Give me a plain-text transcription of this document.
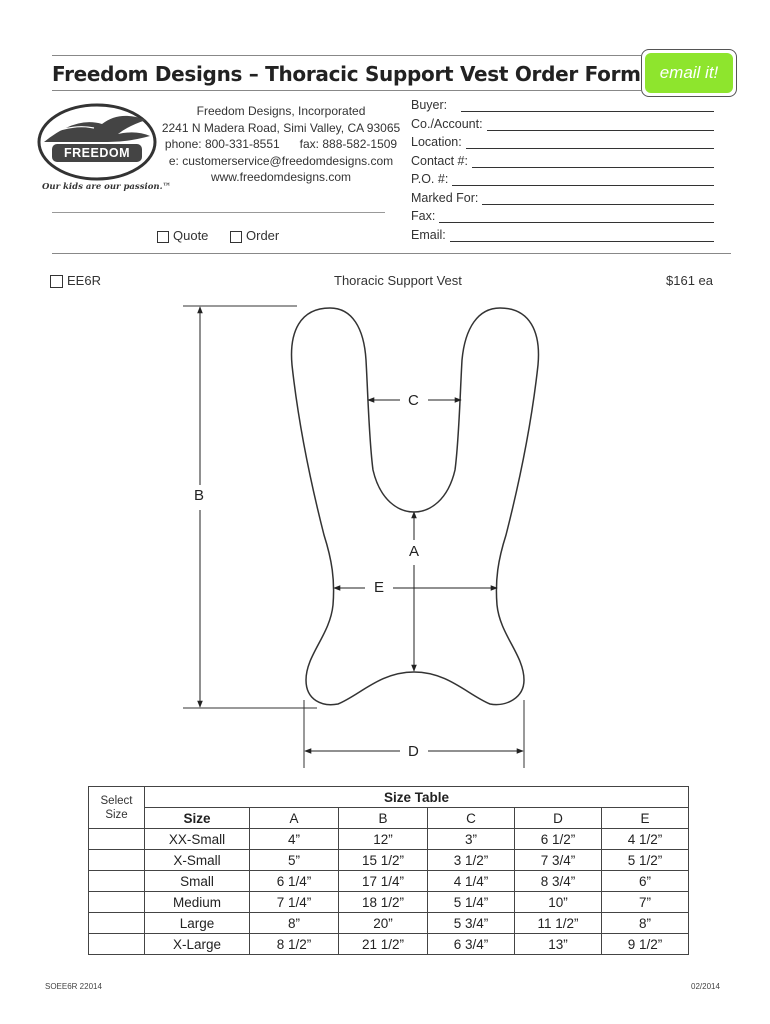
Freedom Designs – Thoracic Support Vest Order Form	email it!
FREEDOM
Our kids are our passion.™
Freedom Designs, Incorporated
2241 N Madera Road, Simi Valley, CA 93065
phone: 800-331-8551      fax: 888-582-1509
e: customerservice@freedomdesigns.com
www.freedomdesigns.com
Quote	Order
Buyer:
Co./Account:
Location:
Contact #:
P.O. #:
Marked For:
Fax:
Email:
EE6R	Thoracic Support Vest	$161 ea
B
C
A
E
D
Select Size	Size Table					
	Size	A	B	C	D	E
	XX-Small	4”	12”	3”	6 1/2”	4 1/2”
	X-Small	5”	15 1/2”	3 1/2”	7 3/4”	5 1/2”
	Small	6 1/4”	17 1/4”	4 1/4”	8 3/4”	6”
	Medium	7 1/4”	18 1/2”	5 1/4”	10”	7”
	Large	8”	20”	5 3/4”	11 1/2”	8”
	X-Large	8 1/2”	21 1/2”	6 3/4”	13”	9 1/2”
SOEE6R 22014	02/2014
